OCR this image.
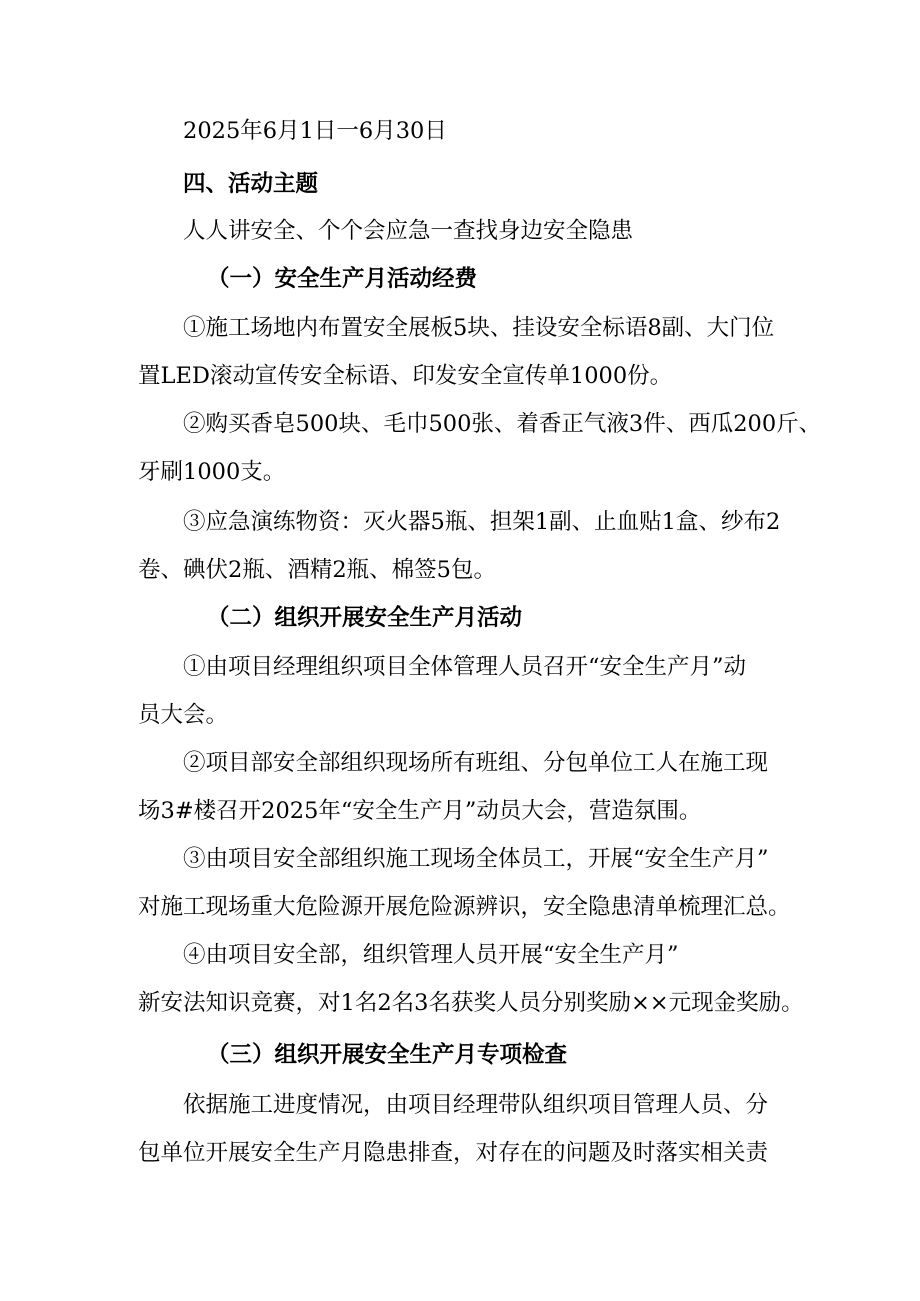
2025年6月1日一6月30日
四、活动主题
人人讲安全、个个会应急一查找身边安全隐患
（一）安全生产月活动经费
①施工场地内布置安全展板5块、挂设安全标语8副、大门位
置LED滚动宣传安全标语、印发安全宣传单1000份。
②购买香皂500块、毛巾500张、着香正气液3件、西瓜200斤、
牙刷1000支。
③应急演练物资：灭火器5瓶、担架1副、止血贴1盒、纱布2
卷、碘伏2瓶、酒精2瓶、棉签5包。
（二）组织开展安全生产月活动
①由项目经理组织项目全体管理人员召开“安全生产月”动
员大会。
②项目部安全部组织现场所有班组、分包单位工人在施工现
场3#楼召开2025年“安全生产月”动员大会，营造氛围。
③由项目安全部组织施工现场全体员工，开展“安全生产月”
对施工现场重大危险源开展危险源辨识，安全隐患清单梳理汇总。
④由项目安全部，组织管理人员开展“安全生产月”
新安法知识竞赛，对1名2名3名获奖人员分别奖励××元现金奖励。
（三）组织开展安全生产月专项检查
依据施工进度情况，由项目经理带队组织项目管理人员、分
包单位开展安全生产月隐患排查，对存在的问题及时落实相关责
